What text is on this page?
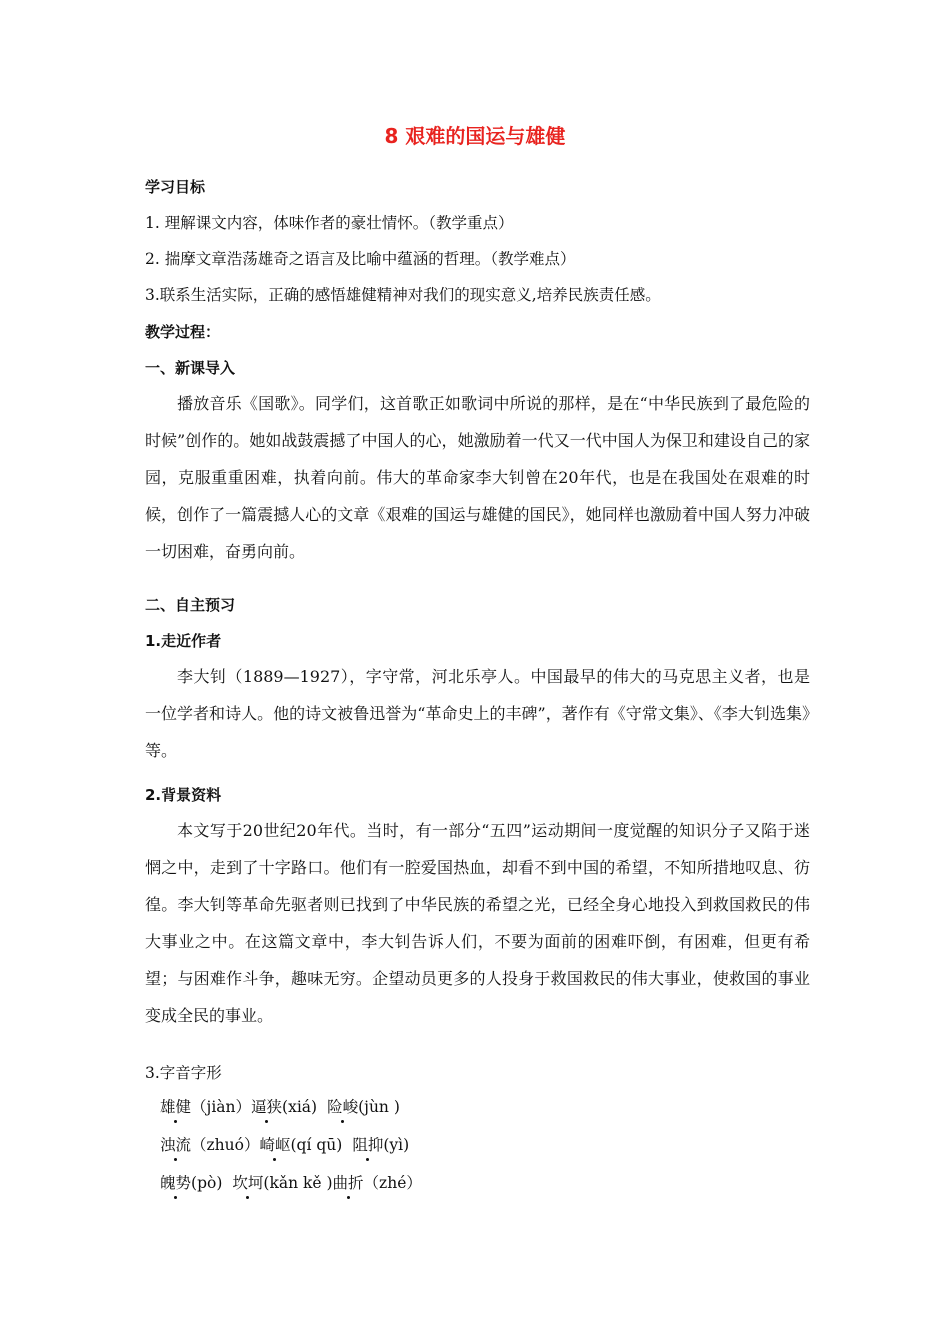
8 艰难的国运与雄健
学习目标
1. 理解课文内容，体味作者的豪壮情怀。（教学重点）
2. 揣摩文章浩荡雄奇之语言及比喻中蕴涵的哲理。（教学难点）
3.联系生活实际，正确的感悟雄健精神对我们的现实意义,培养民族责任感。
教学过程：
一、新课导入
播放音乐《国歌》。同学们，这首歌正如歌词中所说的那样，是在“中华民族到了最危险的时候”创作的。她如战鼓震撼了中国人的心，她激励着一代又一代中国人为保卫和建设自己的家园，克服重重困难，执着向前。伟大的革命家李大钊曾在20年代，也是在我国处在艰难的时候，创作了一篇震撼人心的文章《艰难的国运与雄健的国民》，她同样也激励着中国人努力冲破一切困难，奋勇向前。
二、自主预习
1.走近作者
李大钊（1889—1927），字守常，河北乐亭人。中国最早的伟大的马克思主义者，也是一位学者和诗人。他的诗文被鲁迅誉为“革命史上的丰碑”，著作有《守常文集》、《李大钊选集》等。
2.背景资料
本文写于20世纪20年代。当时，有一部分“五四”运动期间一度觉醒的知识分子又陷于迷惘之中，走到了十字路口。他们有一腔爱国热血，却看不到中国的希望，不知所措地叹息、彷徨。李大钊等革命先驱者则已找到了中华民族的希望之光，已经全身心地投入到救国救民的伟大事业之中。在这篇文章中，李大钊告诉人们，不要为面前的困难吓倒，有困难，但更有希望；与困难作斗争，趣味无穷。企望动员更多的人投身于救国救民的伟大事业，使救国的事业变成全民的事业。
3.字音字形
雄健（jiàn）逼狭(xiá) 险峻(jùn )
浊流（zhuó）崎岖(qí qū) 阻抑(yì)
魄势(pò) 坎坷(kǎn kě )曲折（zhé）
